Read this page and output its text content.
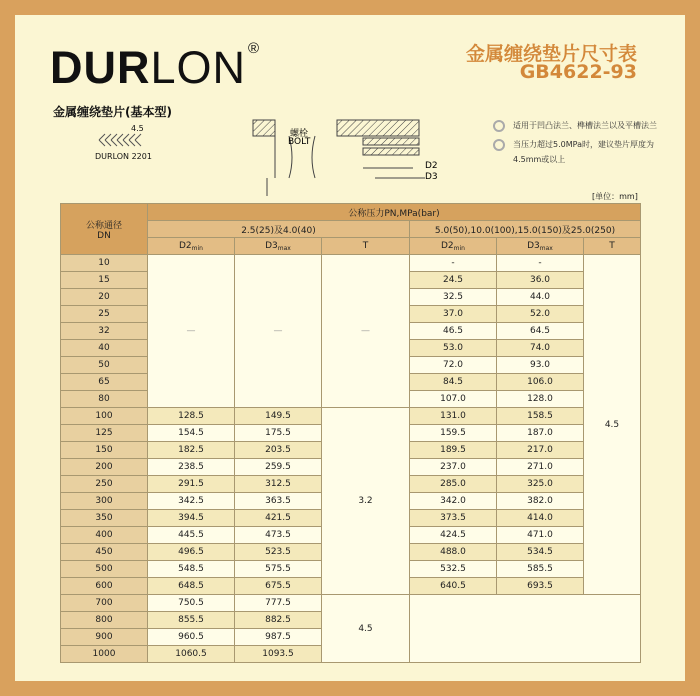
DURLON ®	金属缠绕垫片尺寸表
GB4622-93
金属缠绕垫片(基本型)
4.5
DURLON 2201
螺栓
BOLT
D2
D3
适用于凹凸法兰、榫槽法兰以及平槽法兰
当压力超过5.0MPa时，建议垫片厚度为4.5mm或以上
[单位：mm]
公称通径
DN	公称压力PN,MPa(bar)					
	2.5(25)及4.0(40)			5.0(50),10.0(100),15.0(150)及25.0(250)		
	$D2_{min}$	$D3_{max}$	T	$D2_{min}$	$D3_{max}$	T
10	—	—	—	-	-	4.5
15				24.5	36.0	
20				32.5	44.0	
25				37.0	52.0	
32				46.5	64.5	
40				53.0	74.0	
50				72.0	93.0	
65				84.5	106.0	
80				107.0	128.0	
100	128.5	149.5	3.2	131.0	158.5	
125	154.5	175.5		159.5	187.0	
150	182.5	203.5		189.5	217.0	
200	238.5	259.5		237.0	271.0	
250	291.5	312.5		285.0	325.0	
300	342.5	363.5		342.0	382.0	
350	394.5	421.5		373.5	414.0	
400	445.5	473.5		424.5	471.0	
450	496.5	523.5		488.0	534.5	
500	548.5	575.5		532.5	585.5	
600	648.5	675.5		640.5	693.5	
700	750.5	777.5	4.5			
800	855.5	882.5				
900	960.5	987.5				
1000	1060.5	1093.5				
